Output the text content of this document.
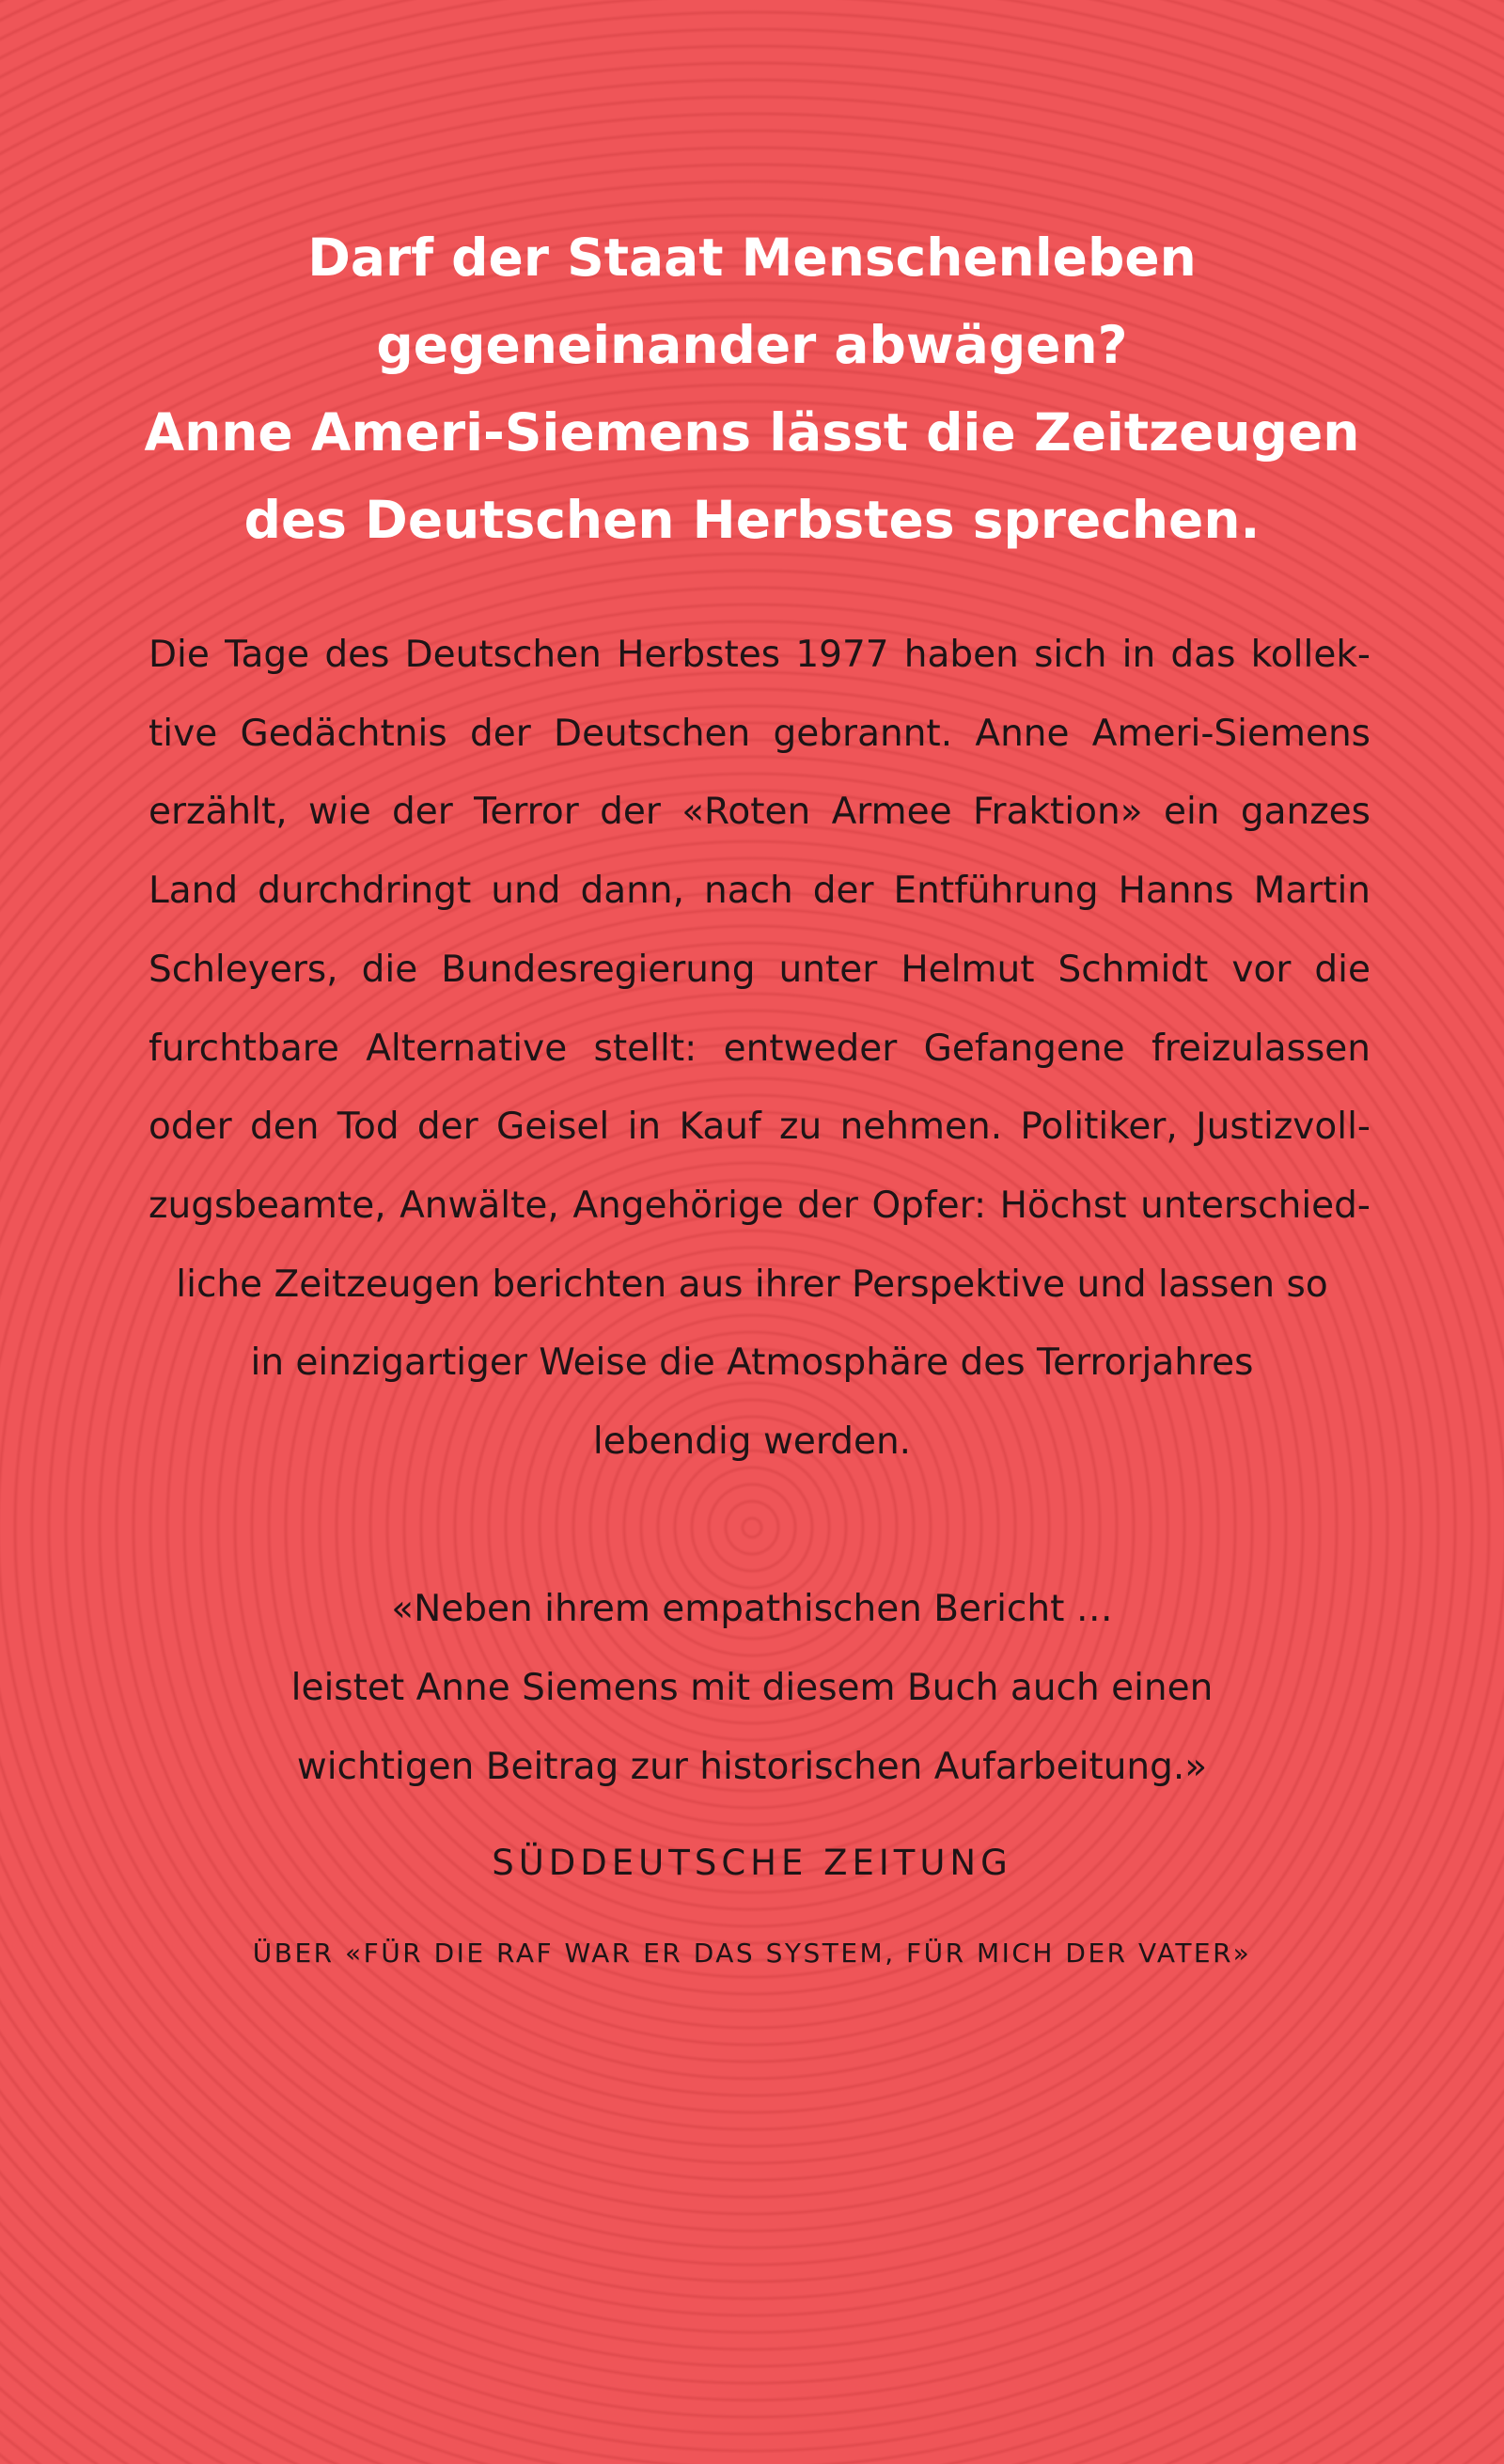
Darf der Staat Menschenleben
gegeneinander abwägen?
Anne Ameri-Siemens lässt die Zeitzeugen
des Deutschen Herbstes sprechen.

Die Tage des Deutschen Herbstes 1977 haben sich in das kollek-
tive Gedächtnis der Deutschen gebrannt. Anne Ameri-Siemens
erzählt, wie der Terror der «Roten Armee Fraktion» ein ganzes
Land durchdringt und dann, nach der Entführung Hanns Martin
Schleyers, die Bundesregierung unter Helmut Schmidt vor die
furchtbare Alternative stellt: entweder Gefangene freizulassen
oder den Tod der Geisel in Kauf zu nehmen. Politiker, Justizvoll-
zugsbeamte, Anwälte, Angehörige der Opfer: Höchst unterschied-
liche Zeitzeugen berichten aus ihrer Perspektive und lassen so
in einzigartiger Weise die Atmosphäre des Terrorjahres
lebendig werden.

«Neben ihrem empathischen Bericht …
leistet Anne Siemens mit diesem Buch auch einen
wichtigen Beitrag zur historischen Aufarbeitung.»

SÜDDEUTSCHE ZEITUNG
ÜBER «FÜR DIE RAF WAR ER DAS SYSTEM, FÜR MICH DER VATER»
